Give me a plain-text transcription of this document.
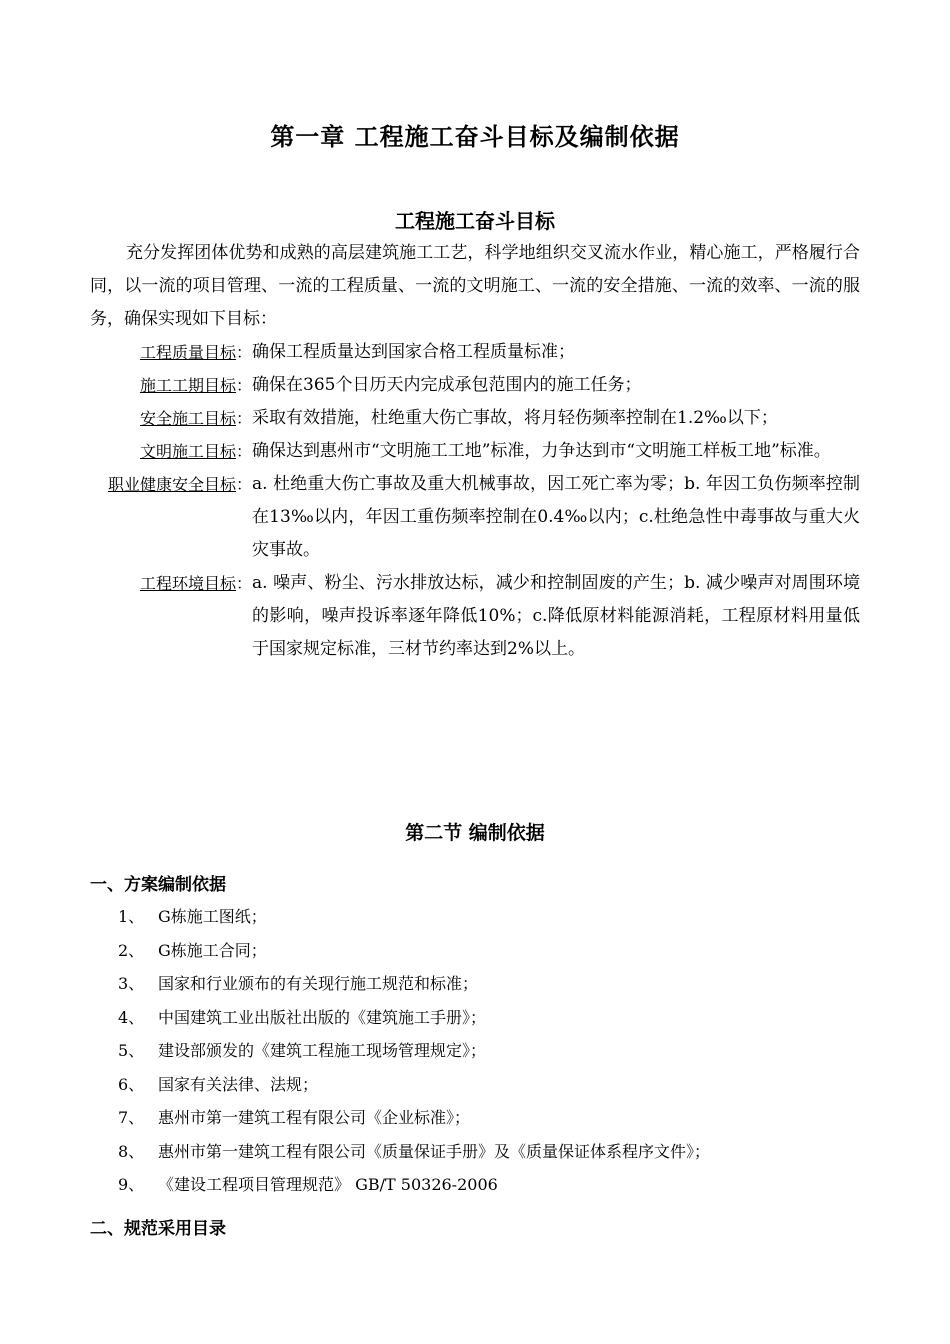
第一章 工程施工奋斗目标及编制依据
工程施工奋斗目标

充分发挥团体优势和成熟的高层建筑施工工艺，科学地组织交叉流水作业，精心施工，严格履行合同，以一流的项目管理、一流的工程质量、一流的文明施工、一流的安全措施、一流的效率、一流的服务，确保实现如下目标：

工程质量目标： 确保工程质量达到国家合格工程质量标准；
施工工期目标： 确保在365个日历天内完成承包范围内的施工任务；
安全施工目标： 采取有效措施，杜绝重大伤亡事故，将月轻伤频率控制在1.2‰以下；
文明施工目标： 确保达到惠州市“文明施工工地”标准，力争达到市“文明施工样板工地”标准。
职业健康安全目标： a. 杜绝重大伤亡事故及重大机械事故，因工死亡率为零；b. 年因工负伤频率控制在13‰以内，年因工重伤频率控制在0.4‰以内；c.杜绝急性中毒事故与重大火灾事故。
工程环境目标： a. 噪声、粉尘、污水排放达标，减少和控制固废的产生；b. 减少噪声对周围环境的影响，噪声投诉率逐年降低10%；c.降低原材料能源消耗，工程原材料用量低于国家规定标准，三材节约率达到2%以上。
第二节 编制依据
一、方案编制依据
1、 G栋施工图纸；
2、 G栋施工合同；
3、 国家和行业颁布的有关现行施工规范和标准；
4、 中国建筑工业出版社出版的《建筑施工手册》；
5、 建设部颁发的《建筑工程施工现场管理规定》；
6、 国家有关法律、法规；
7、 惠州市第一建筑工程有限公司《企业标准》；
8、 惠州市第一建筑工程有限公司《质量保证手册》及《质量保证体系程序文件》；
9、 《建设工程项目管理规范》 GB/T 50326-2006
二、规范采用目录
